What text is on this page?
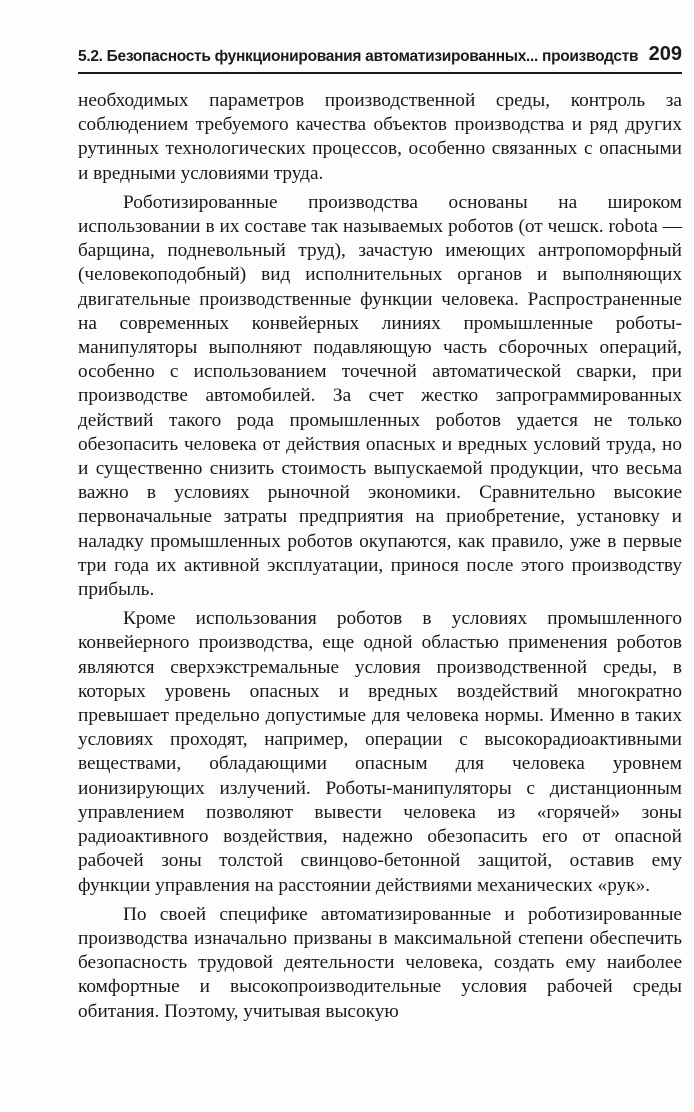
5.2. Безопасность функционирования автоматизированных... производств 209

необходимых параметров производственной среды, контроль за соблюдением требуемого качества объектов производства и ряд других рутинных технологических процессов, особенно связанных с опасными и вредными условиями труда.

Роботизированные производства основаны на широком использовании в их составе так называемых роботов (от чешск. robota — барщина, подневольный труд), зачастую имеющих антропоморфный (человекоподобный) вид исполнительных органов и выполняющих двигательные производственные функции человека. Распространенные на современных конвейерных линиях промышленные роботы-манипуляторы выполняют подавляющую часть сборочных операций, особенно с использованием точечной автоматической сварки, при производстве автомобилей. За счет жестко запрограммированных действий такого рода промышленных роботов удается не только обезопасить человека от действия опасных и вредных условий труда, но и существенно снизить стоимость выпускаемой продукции, что весьма важно в условиях рыночной экономики. Сравнительно высокие первоначальные затраты предприятия на приобретение, установку и наладку промышленных роботов окупаются, как правило, уже в первые три года их активной эксплуатации, принося после этого производству прибыль.

Кроме использования роботов в условиях промышленного конвейерного производства, еще одной областью применения роботов являются сверхэкстремальные условия производственной среды, в которых уровень опасных и вредных воздействий многократно превышает предельно допустимые для человека нормы. Именно в таких условиях проходят, например, операции с высокорадиоактивными веществами, обладающими опасным для человека уровнем ионизирующих излучений. Роботы-манипуляторы с дистанционным управлением позволяют вывести человека из «горячей» зоны радиоактивного воздействия, надежно обезопасить его от опасной рабочей зоны толстой свинцово-бетонной защитой, оставив ему функции управления на расстоянии действиями механических «рук».

По своей специфике автоматизированные и роботизированные производства изначально призваны в максимальной степени обеспечить безопасность трудовой деятельности человека, создать ему наиболее комфортные и высокопроизводительные условия рабочей среды обитания. Поэтому, учитывая высокую
